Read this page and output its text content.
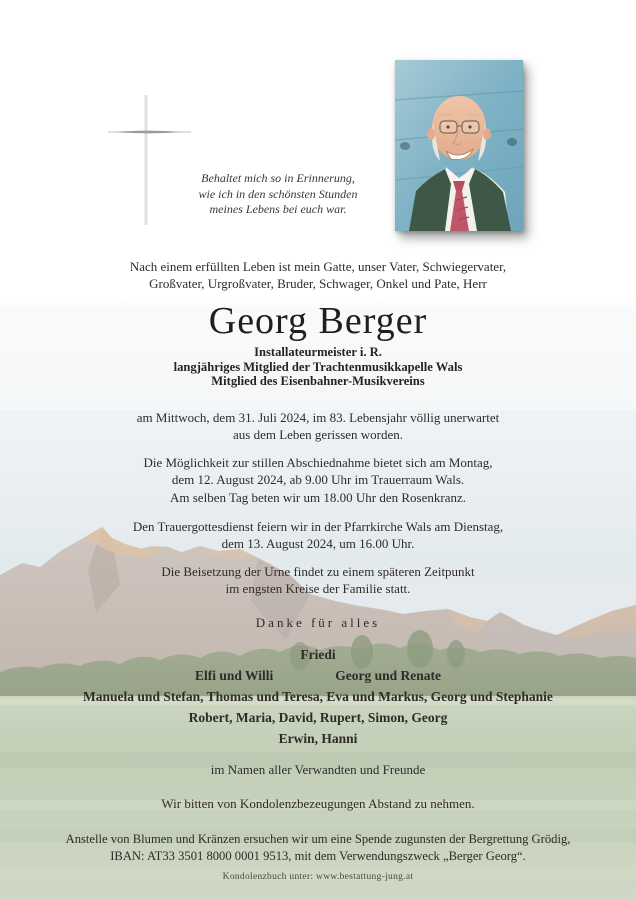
Behaltet mich so in Erinnerung,
wie ich in den schönsten Stunden
meines Lebens bei euch war.
Nach einem erfüllten Leben ist mein Gatte, unser Vater, Schwiegervater,
Großvater, Urgroßvater, Bruder, Schwager, Onkel und Pate, Herr
Georg Berger
Installateurmeister i. R.
langjähriges Mitglied der Trachtenmusikkapelle Wals
Mitglied des Eisenbahner-Musikvereins
am Mittwoch, dem 31. Juli 2024, im 83. Lebensjahr völlig unerwartet
aus dem Leben gerissen worden.
Die Möglichkeit zur stillen Abschiednahme bietet sich am Montag,
dem 12. August 2024, ab 9.00 Uhr im Trauerraum Wals.
Am selben Tag beten wir um 18.00 Uhr den Rosenkranz.
Den Trauergottesdienst feiern wir in der Pfarrkirche Wals am Dienstag,
dem 13. August 2024, um 16.00 Uhr.
Die Beisetzung der Urne findet zu einem späteren Zeitpunkt
im engsten Kreise der Familie statt.
Danke für alles
Friedi
Elfi und Willi	Georg und Renate
Manuela und Stefan, Thomas und Teresa, Eva und Markus, Georg und Stephanie
Robert, Maria, David, Rupert, Simon, Georg
Erwin, Hanni
im Namen aller Verwandten und Freunde
Wir bitten von Kondolenzbezeugungen Abstand zu nehmen.
Anstelle von Blumen und Kränzen ersuchen wir um eine Spende zugunsten der Bergrettung Grödig,
IBAN: AT33 3501 8000 0001 9513, mit dem Verwendungszweck „Berger Georg“.
Kondolenzbuch unter: www.bestattung-jung.at
